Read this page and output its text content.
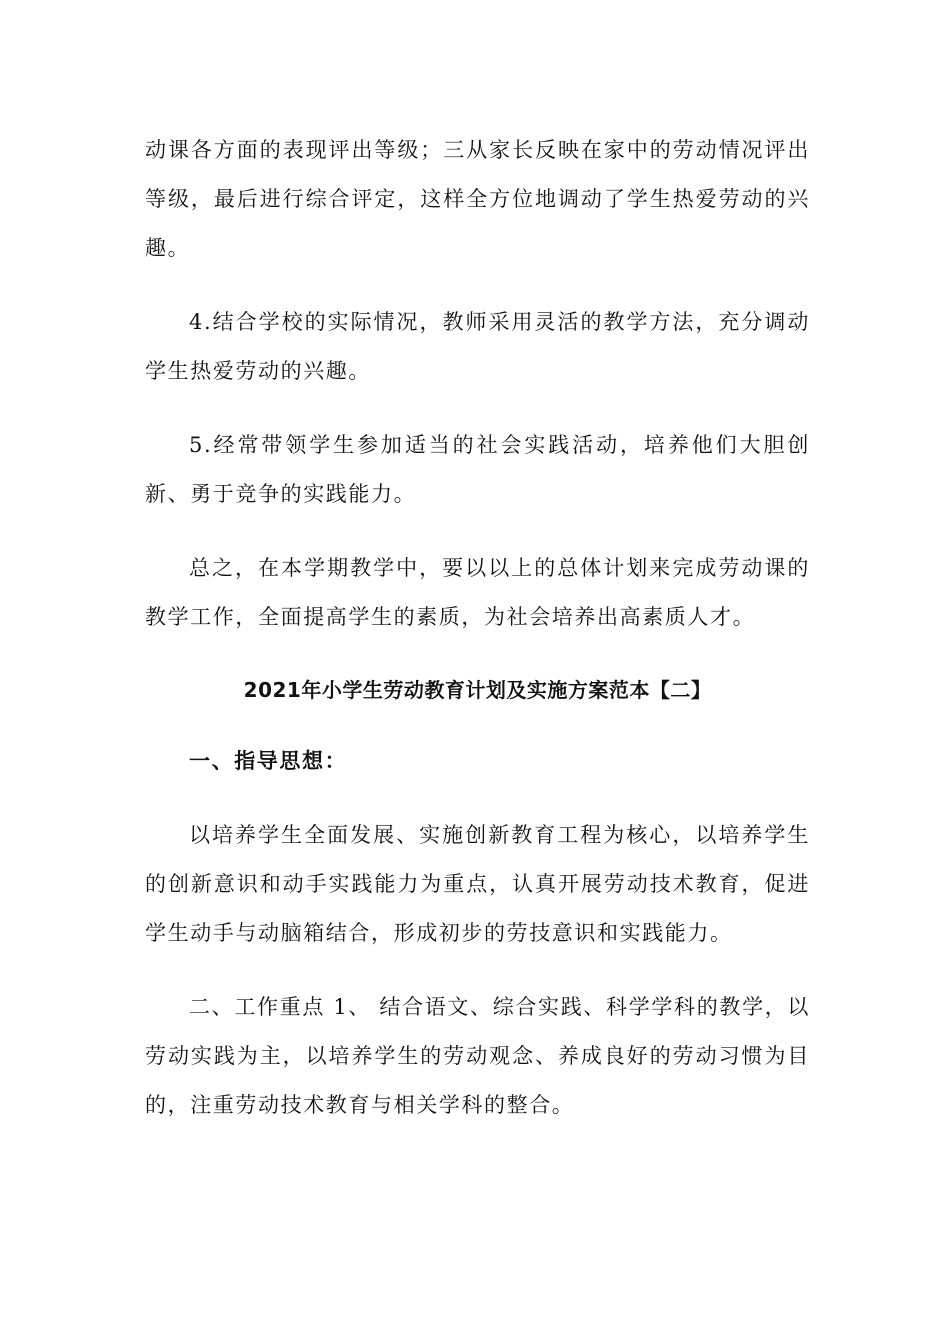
动课各方面的表现评出等级；三从家长反映在家中的劳动情况评出等级，最后进行综合评定，这样全方位地调动了学生热爱劳动的兴趣。

4.结合学校的实际情况，教师采用灵活的教学方法，充分调动学生热爱劳动的兴趣。

5.经常带领学生参加适当的社会实践活动，培养他们大胆创新、勇于竞争的实践能力。

总之，在本学期教学中，要以以上的总体计划来完成劳动课的教学工作，全面提高学生的素质，为社会培养出高素质人才。

2021年小学生劳动教育计划及实施方案范本【二】
一、指导思想：

以培养学生全面发展、实施创新教育工程为核心，以培养学生的创新意识和动手实践能力为重点，认真开展劳动技术教育，促进学生动手与动脑箱结合，形成初步的劳技意识和实践能力。

二、工作重点 1、 结合语文、综合实践、科学学科的教学，以劳动实践为主，以培养学生的劳动观念、养成良好的劳动习惯为目的，注重劳动技术教育与相关学科的整合。
